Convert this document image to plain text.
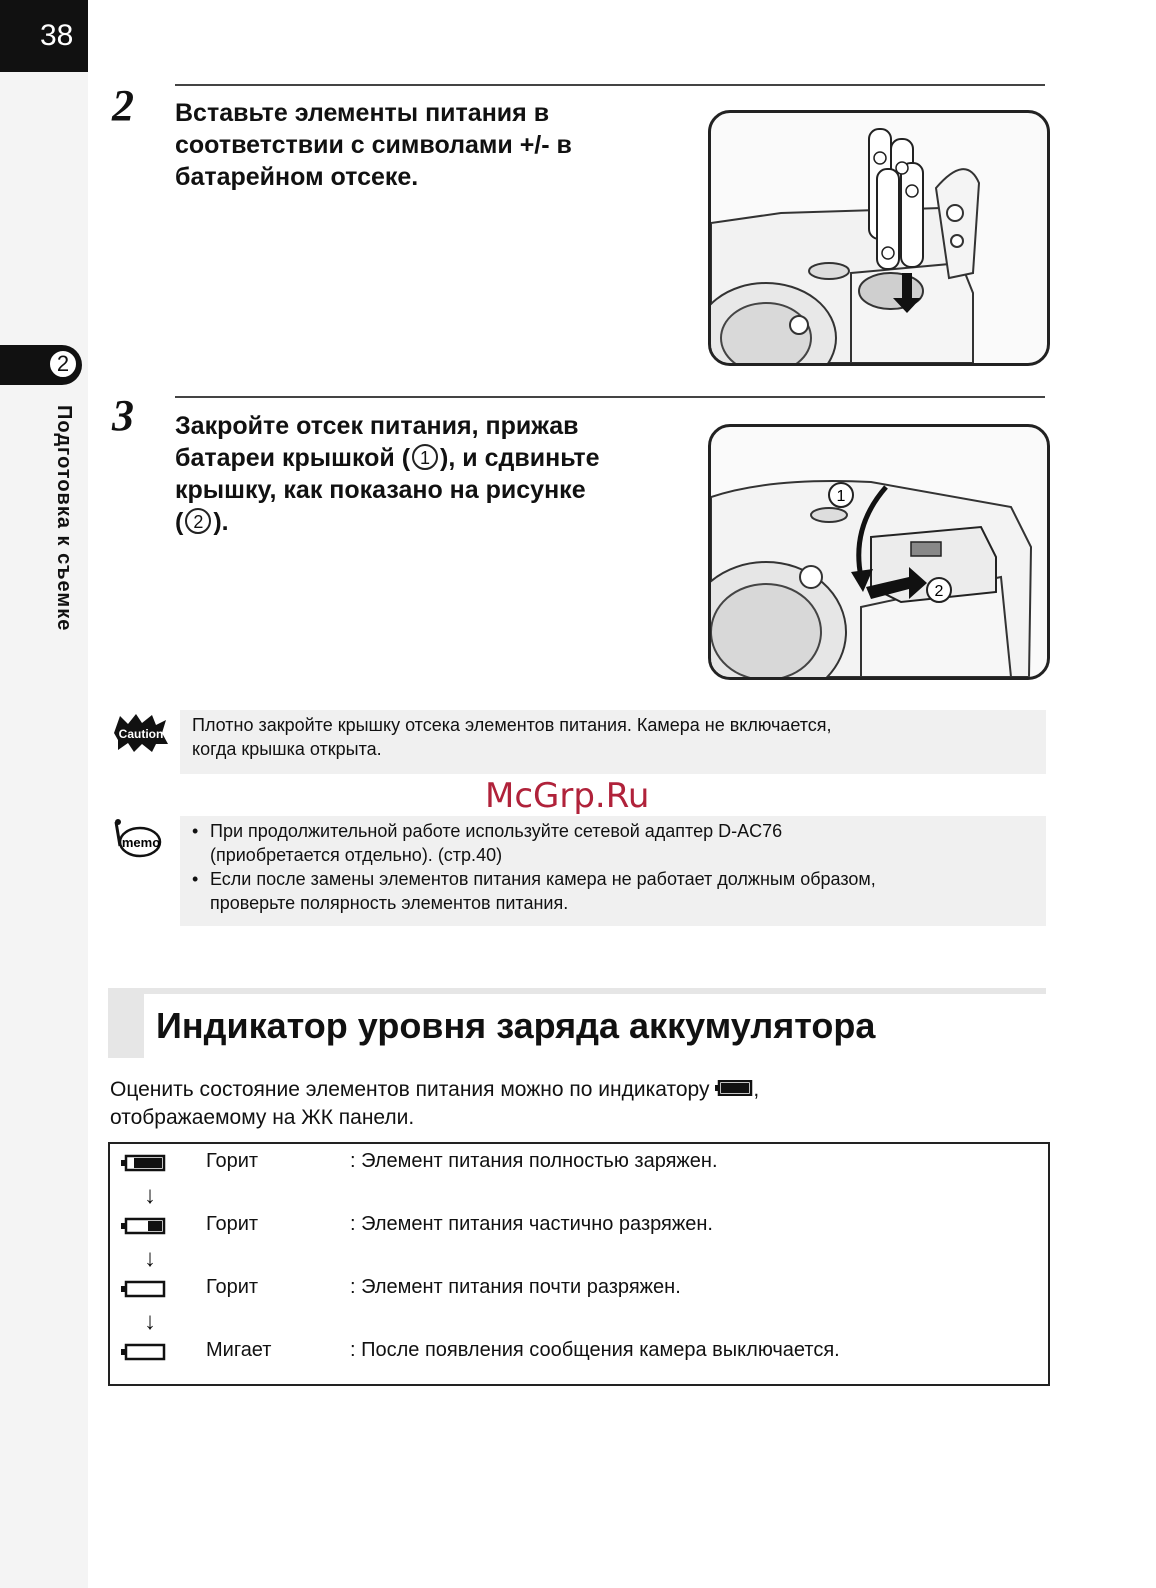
38
2
Подготовка к съемке
2 Вставьте элементы питания в
соответствии с символами +/- в
батарейном отсеке.
3 Закройте отсек питания, прижав
батареи крышкой ( 1 ), и сдвиньте
крышку, как показано на рисунке
( 2 ).
1
2
Caution Плотно закройте крышку отсека элементов питания. Камера не включается,
когда крышка открыта.
McGrp.Ru
memo
• При продолжительной работе используйте сетевой адаптер D-AC76
(приобретается отдельно). (стр.40)
• Если после замены элементов питания камера не работает должным образом,
проверьте полярность элементов питания.
Индикатор уровня заряда аккумулятора
Оценить состояние элементов питания можно по индикатору ,
отображаемому на ЖК панели.
Горит	: Элемент питания полностью заряжен.
↓
Горит	: Элемент питания частично разряжен.
↓
Горит	: Элемент питания почти разряжен.
↓
Мигает	: После появления сообщения камера выключается.
